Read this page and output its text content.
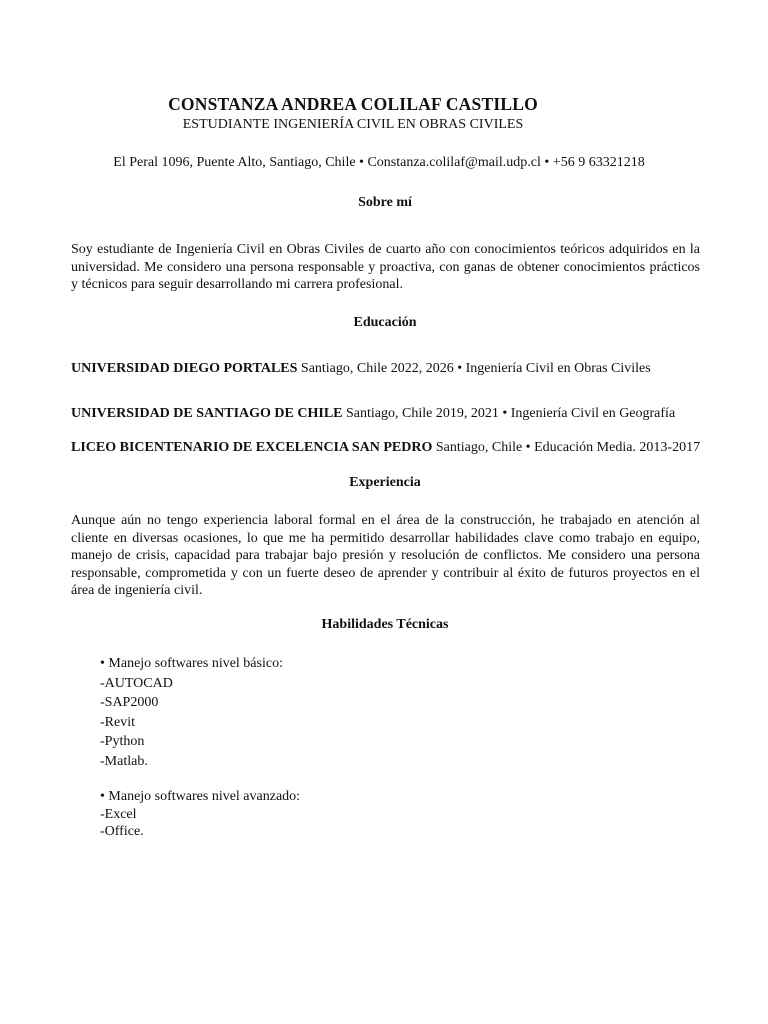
CONSTANZA ANDREA COLILAF CASTILLO
ESTUDIANTE INGENIERÍA CIVIL EN OBRAS CIVILES
El Peral 1096, Puente Alto, Santiago, Chile • Constanza.colilaf@mail.udp.cl • +56 9 63321218
Sobre mí

Soy estudiante de Ingeniería Civil en Obras Civiles de cuarto año con conocimientos teóricos adquiridos en la universidad. Me considero una persona responsable y proactiva, con ganas de obtener conocimientos prácticos y técnicos para seguir desarrollando mi carrera profesional.

Educación
UNIVERSIDAD DIEGO PORTALES Santiago, Chile 2022, 2026 • Ingeniería Civil en Obras Civiles
UNIVERSIDAD DE SANTIAGO DE CHILE Santiago, Chile 2019, 2021 • Ingeniería Civil en Geografía
LICEO BICENTENARIO DE EXCELENCIA SAN PEDRO Santiago, Chile • Educación Media. 2013-2017
Experiencia

Aunque aún no tengo experiencia laboral formal en el área de la construcción, he trabajado en atención al cliente en diversas ocasiones, lo que me ha permitido desarrollar habilidades clave como trabajo en equipo, manejo de crisis, capacidad para trabajar bajo presión y resolución de conflictos. Me considero una persona responsable, comprometida y con un fuerte deseo de aprender y contribuir al éxito de futuros proyectos en el área de ingeniería civil.

Habilidades Técnicas
• Manejo softwares nivel básico:
-AUTOCAD
-SAP2000
-Revit
-Python
-Matlab.
• Manejo softwares nivel avanzado:
-Excel
-Office.
